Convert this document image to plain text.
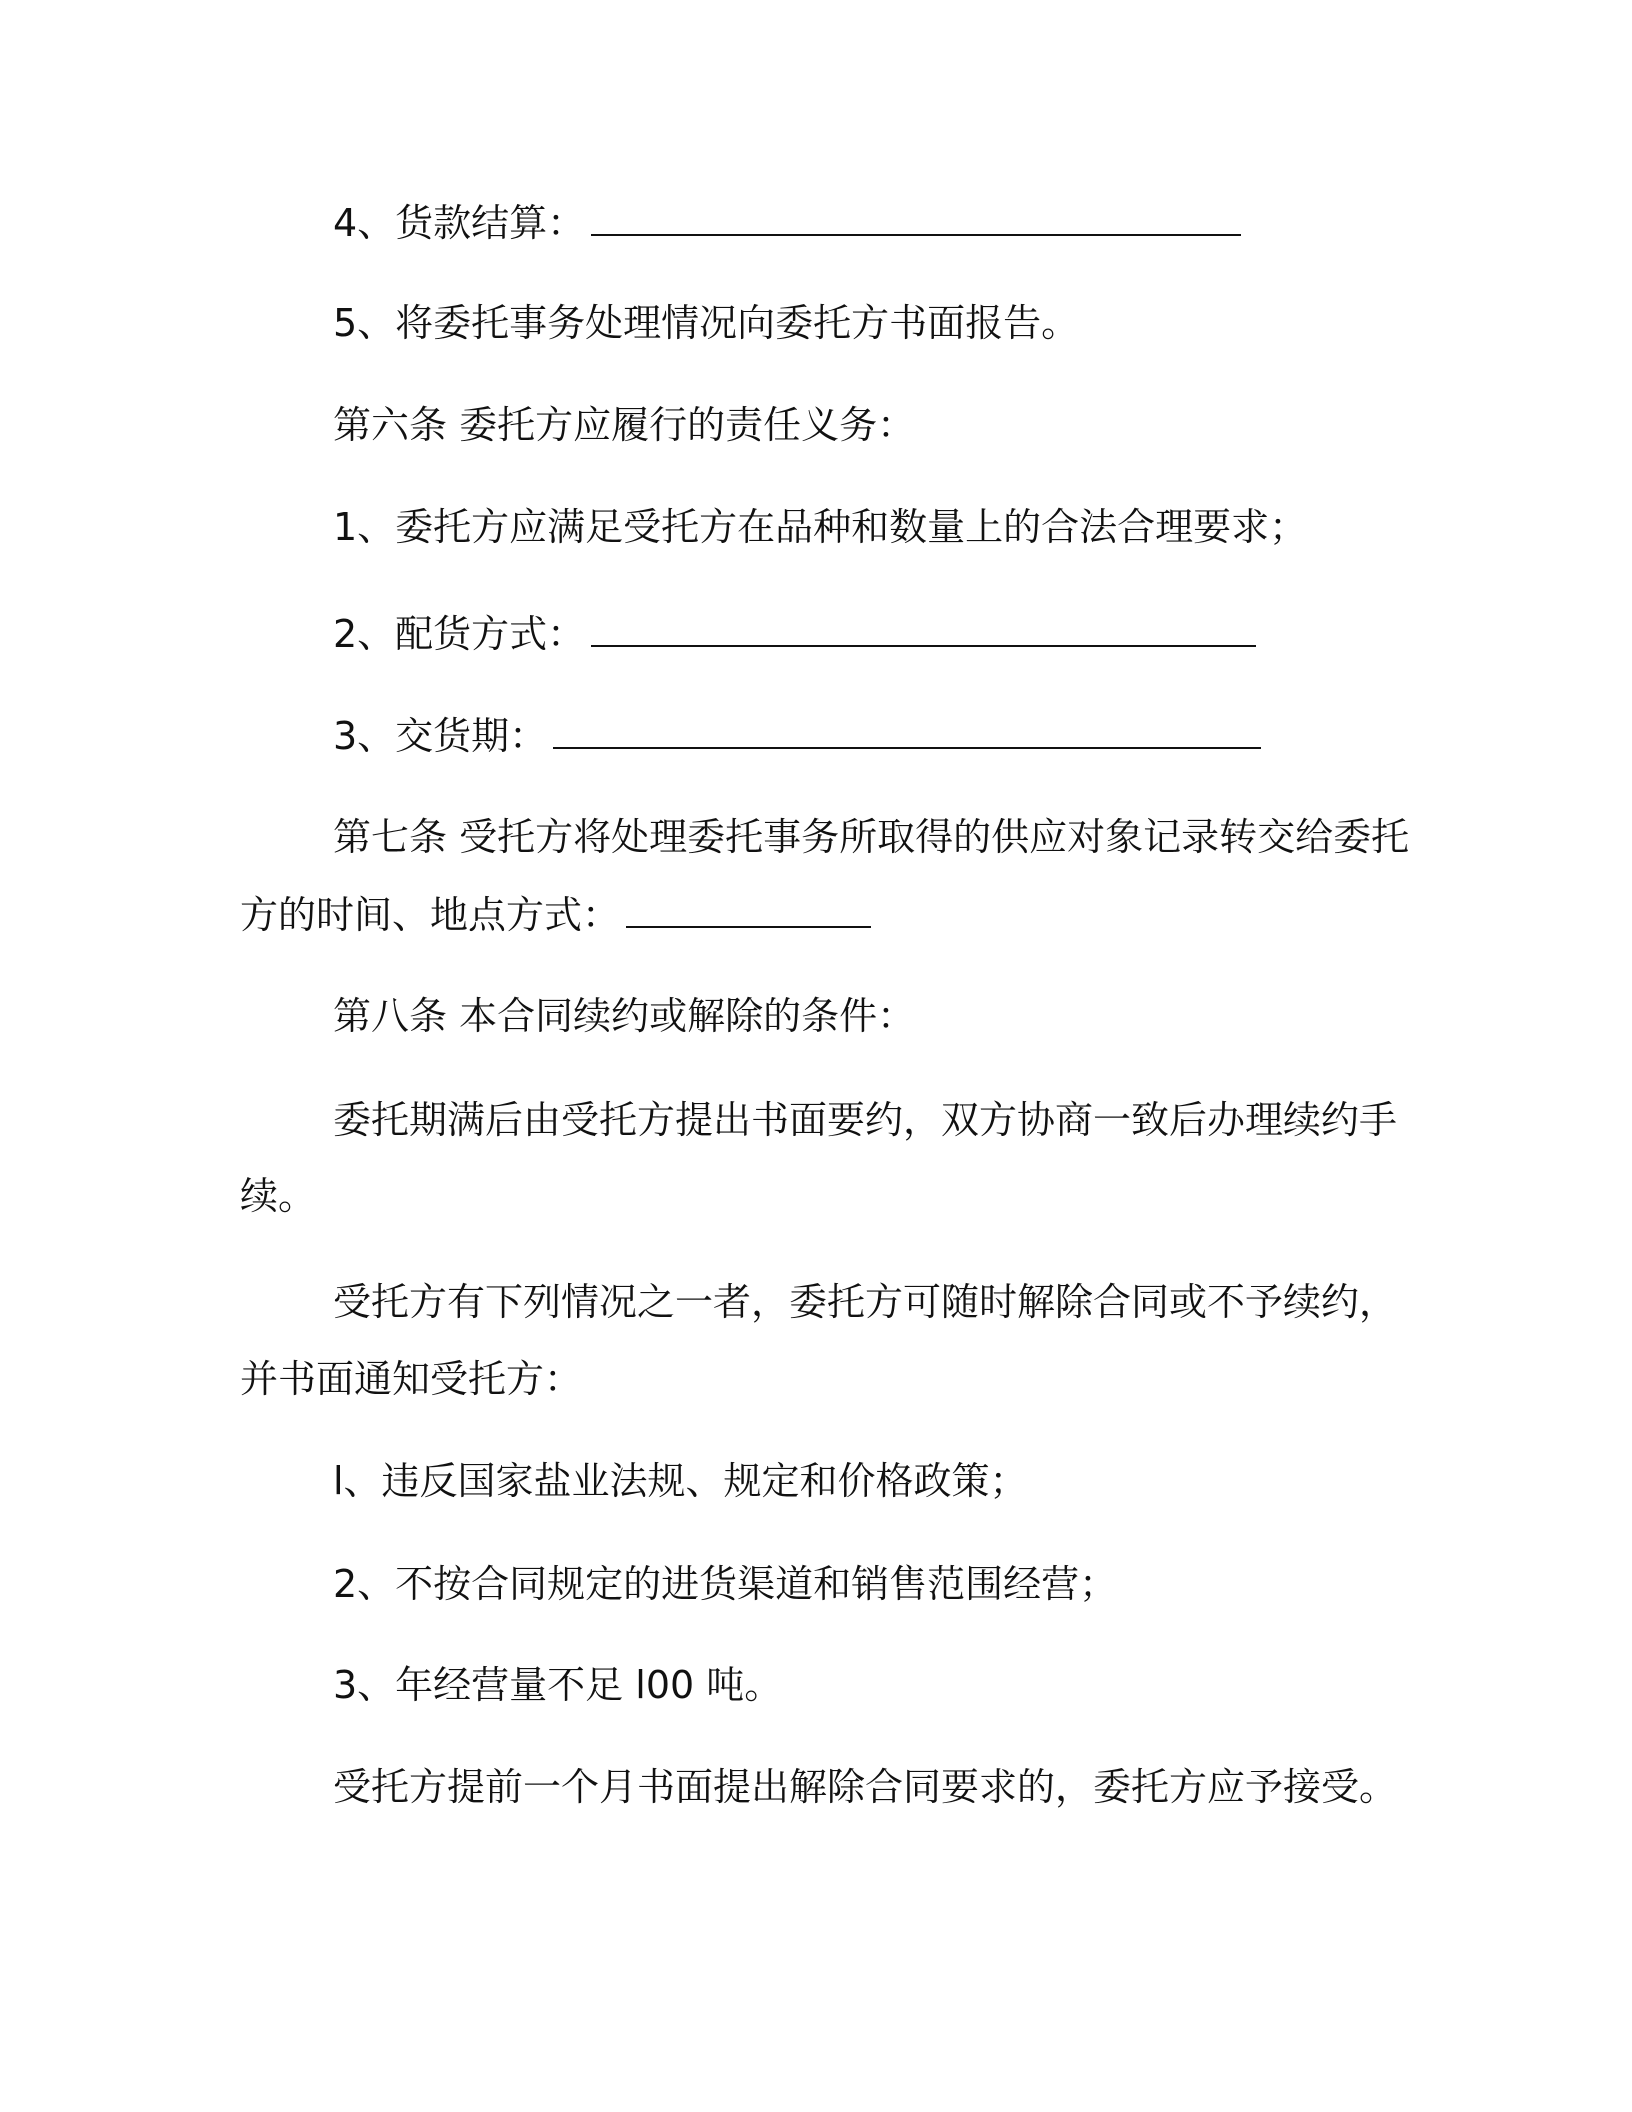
4、货款结算：
5、将委托事务处理情况向委托方书面报告。
第六条 委托方应履行的责任义务：
1、委托方应满足受托方在品种和数量上的合法合理要求；
2、配货方式：
3、交货期：
第七条 受托方将处理委托事务所取得的供应对象记录转交给委托
方的时间、地点方式：
第八条 本合同续约或解除的条件：
委托期满后由受托方提出书面要约，双方协商一致后办理续约手
续。
受托方有下列情况之一者，委托方可随时解除合同或不予续约，
并书面通知受托方：
l、违反国家盐业法规、规定和价格政策；
2、不按合同规定的进货渠道和销售范围经营；
3、年经营量不足 l00 吨。
受托方提前一个月书面提出解除合同要求的，委托方应予接受。
